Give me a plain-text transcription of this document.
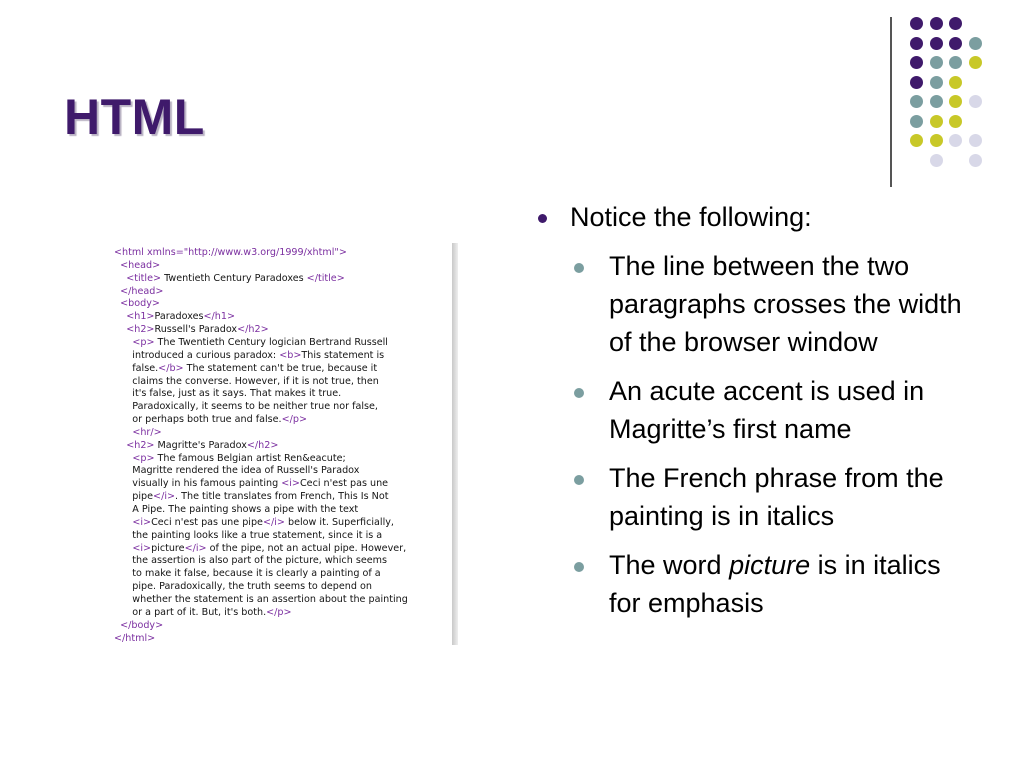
HTML
<html xmlns="http://www.w3.org/1999/xhtml">
<head>
<title> Twentieth Century Paradoxes </title>
</head>
<body>
<h1>Paradoxes</h1>
<h2>Russell's Paradox</h2>
<p> The Twentieth Century logician Bertrand Russell
introduced a curious paradox: <b>This statement is
false.</b> The statement can't be true, because it
claims the converse. However, if it is not true, then
it's false, just as it says. That makes it true.
Paradoxically, it seems to be neither true nor false,
or perhaps both true and false.</p>
<hr/>
<h2> Magritte's Paradox</h2>
<p> The famous Belgian artist Ren&eacute;
Magritte rendered the idea of Russell's Paradox
visually in his famous painting <i>Ceci n'est pas une
pipe</i>. The title translates from French, This Is Not
A Pipe. The painting shows a pipe with the text
<i>Ceci n'est pas une pipe</i> below it. Superficially,
the painting looks like a true statement, since it is a
<i>picture</i> of the pipe, not an actual pipe. However,
the assertion is also part of the picture, which seems
to make it false, because it is clearly a painting of a
pipe. Paradoxically, the truth seems to depend on
whether the statement is an assertion about the painting
or a part of it. But, it's both.</p>
</body>
</html>
Notice the following:
The line between the two paragraphs crosses the width of the browser window
An acute accent is used in Magritte’s first name
The French phrase from the painting is in italics
The word picture is in italics for emphasis
